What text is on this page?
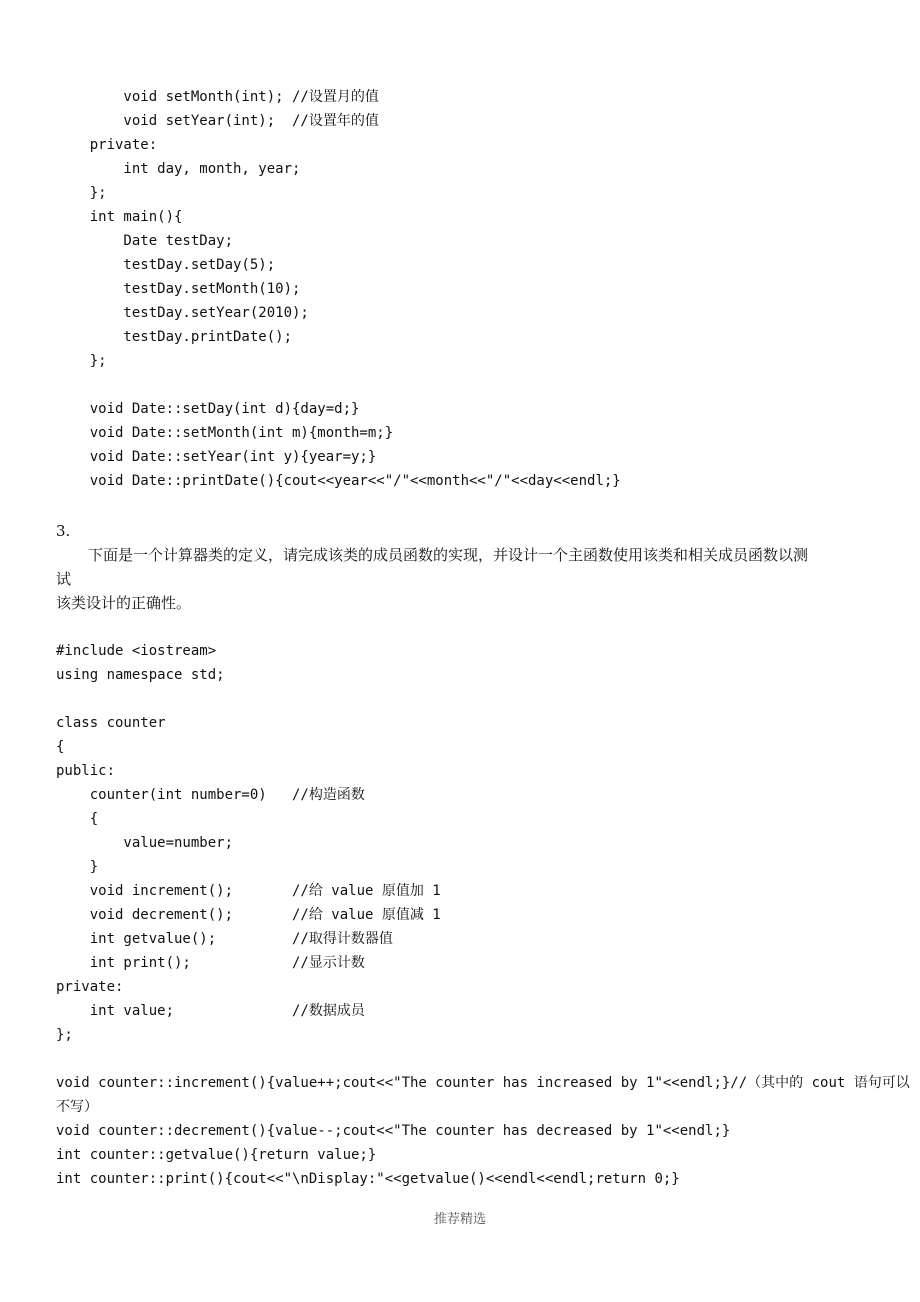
void setMonth(int); //设置月的值
void setYear(int);  //设置年的值
private:
int day, month, year;
};
int main(){
Date testDay;
testDay.setDay(5);
testDay.setMonth(10);
testDay.setYear(2010);
testDay.printDate();
};
void Date::setDay(int d){day=d;}
void Date::setMonth(int m){month=m;}
void Date::setYear(int y){year=y;}
void Date::printDate(){cout<<year<<"/"<<month<<"/"<<day<<endl;}
3.
下面是一个计算器类的定义，请完成该类的成员函数的实现，并设计一个主函数使用该类和相关成员函数以测
试
该类设计的正确性。
#include <iostream>
using namespace std;
class counter
{
public:
counter(int number=0)   //构造函数
{
value=number;
}
void increment();       //给 value 原值加 1
void decrement();       //给 value 原值减 1
int getvalue();         //取得计数器值
int print();            //显示计数
private:
int value;              //数据成员
};
void counter::increment(){value++;cout<<"The counter has increased by 1"<<endl;}//（其中的 cout 语句可以
不写）
void counter::decrement(){value--;cout<<"The counter has decreased by 1"<<endl;}
int counter::getvalue(){return value;}
int counter::print(){cout<<"\nDisplay:"<<getvalue()<<endl<<endl;return 0;}
推荐精选
